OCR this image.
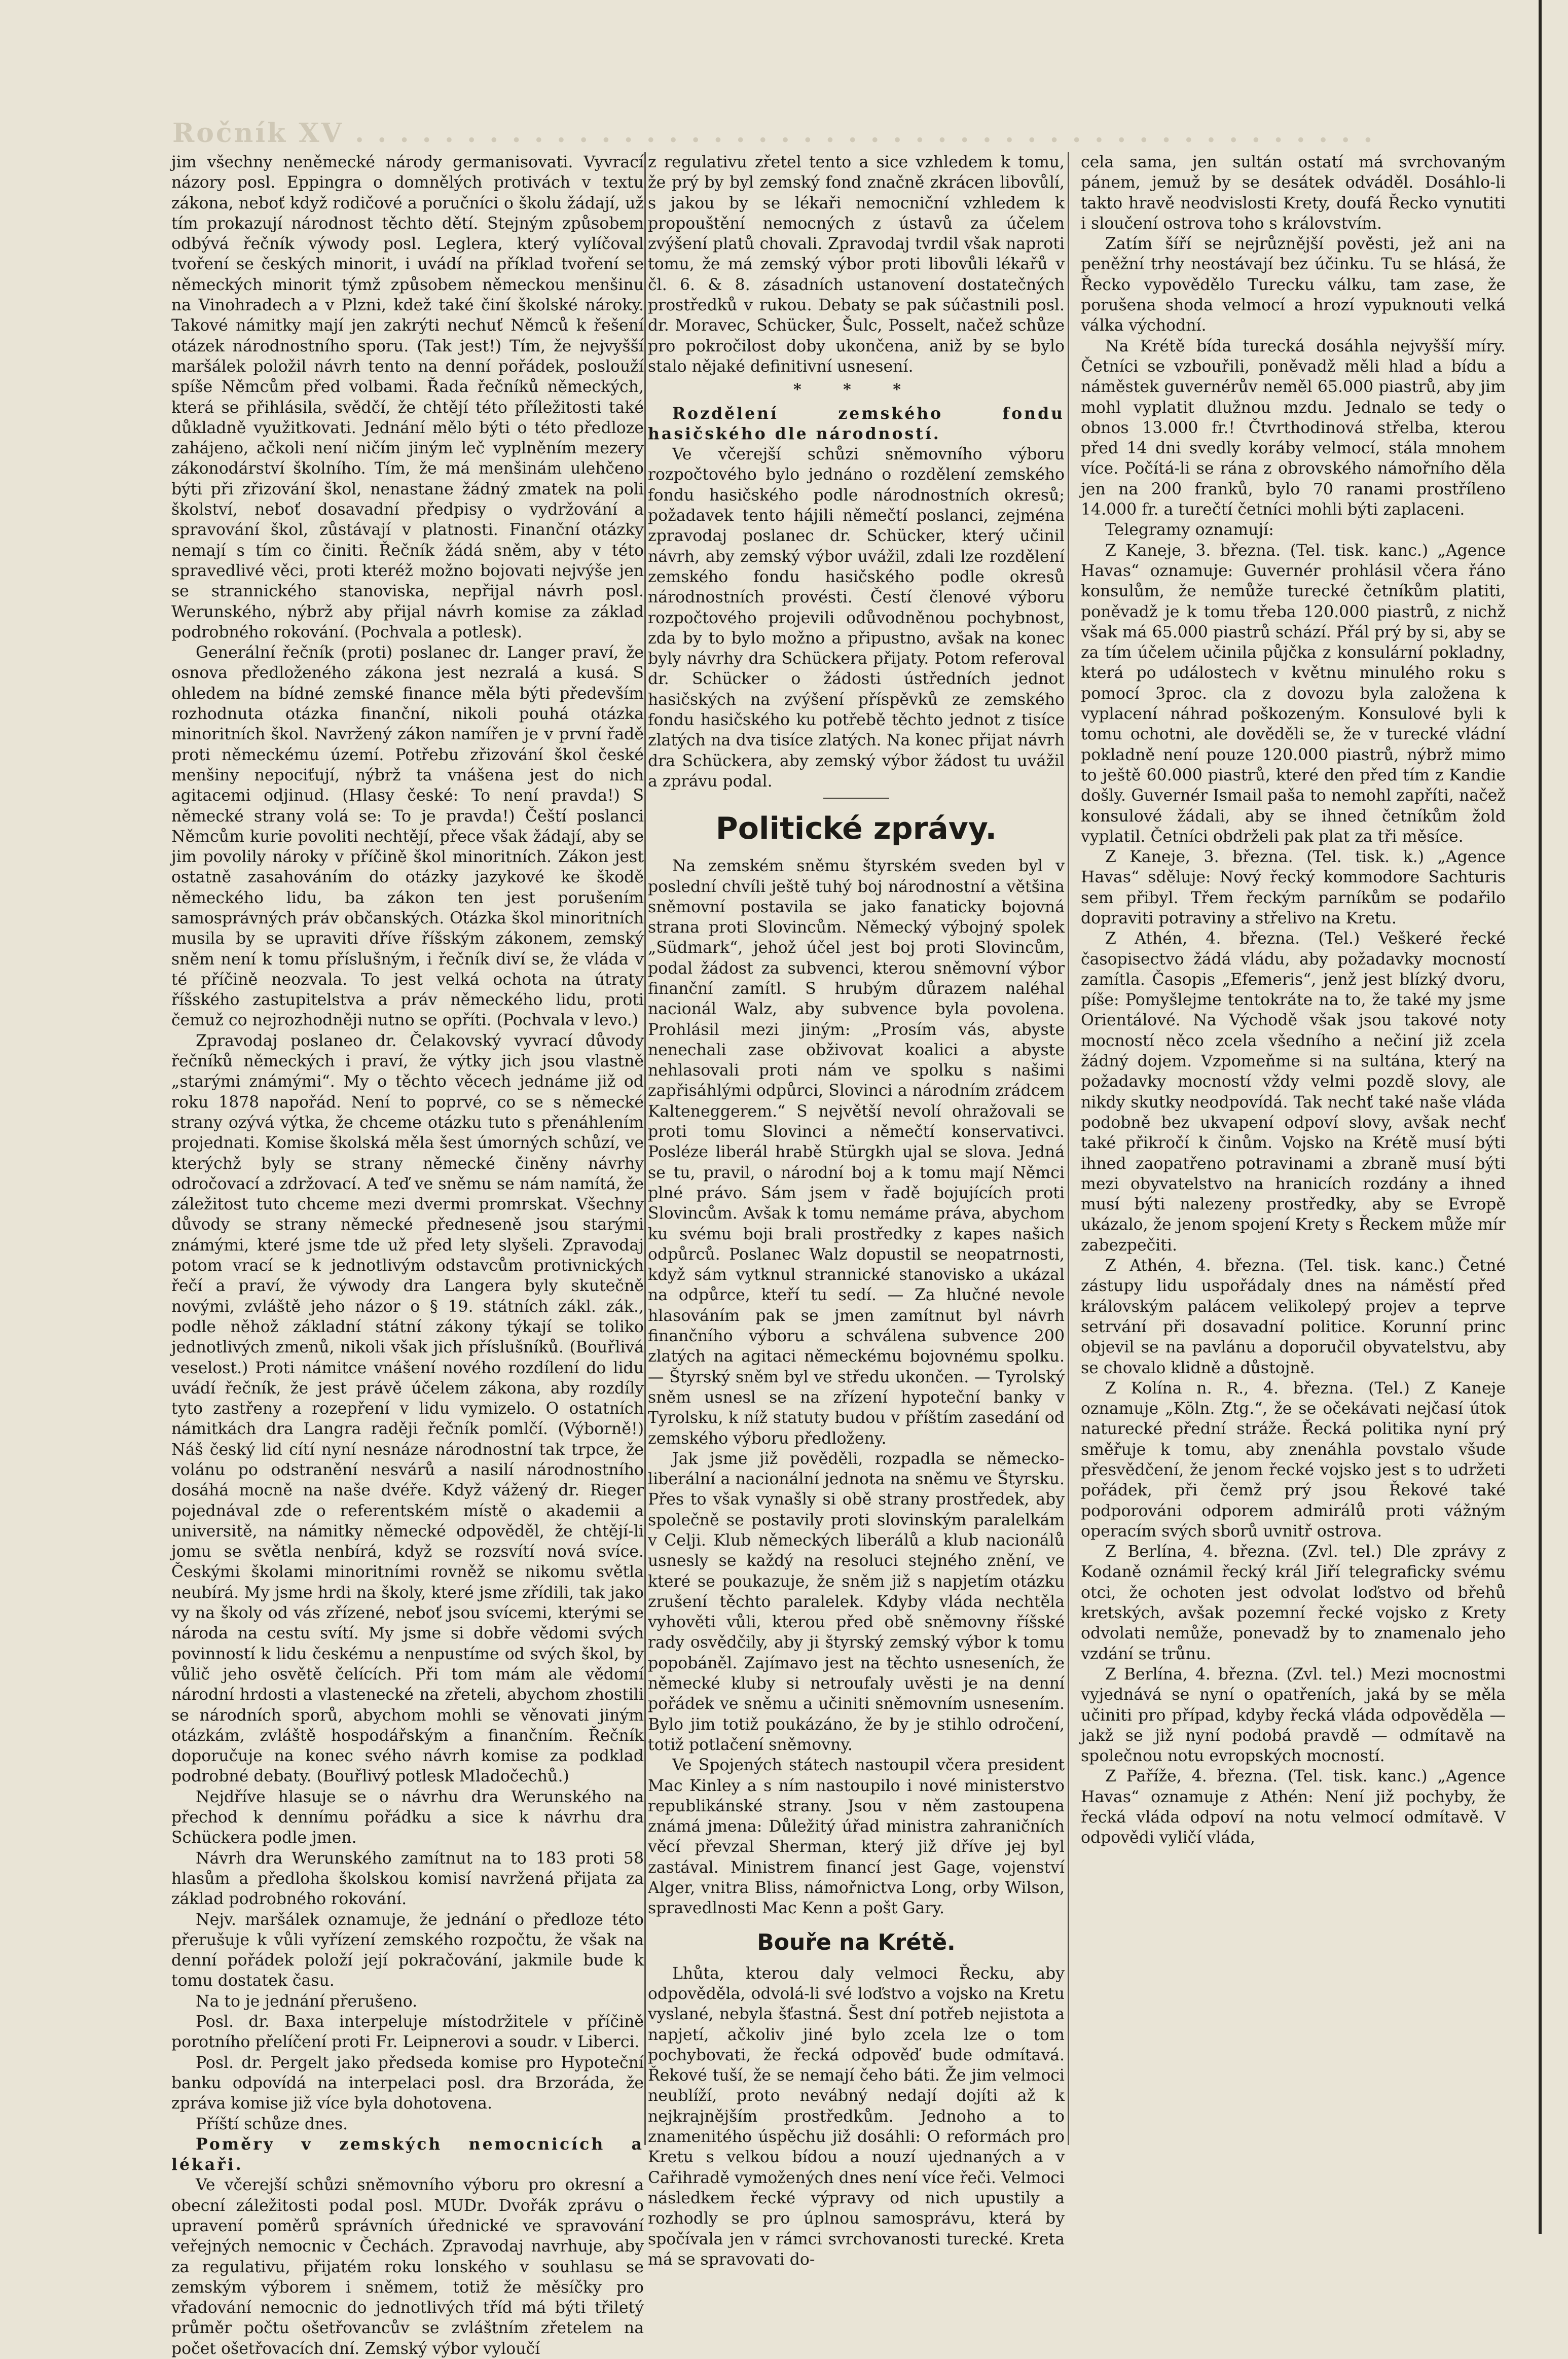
Ročník XV . . . . . . . . . . . . . . . . . . . . . . . . . . . . . . . . . . . . . . . . . . . . . .

jim všechny neněmecké národy germanisovati. Vyvrací názory posl. Eppingra o domnělých protivách v textu zákona, neboť když rodičové a poručníci o školu žádají, už tím prokazují národnost těchto dětí. Stejným způsobem odbývá řečník výwody posl. Leglera, který vylíčoval tvoření se českých minorit, i uvádí na příklad tvoření se německých minorit týmž způsobem německou menšinu na Vinohradech a v Plzni, kdež také činí školské nároky. Takové námitky mají jen zakrýti nechuť Němců k řešení otázek národnostního sporu. (Tak jest!) Tím, že nejvyšší maršálek položil návrh tento na denní pořádek, poslouží spíše Němcům před volbami. Řada řečníků německých, která se přihlásila, svědčí, že chtějí této příležitosti také důkladně využitkovati. Jednání mělo býti o této předloze zahájeno, ačkoli není ničím jiným leč vyplněním mezery zákonodárství školního. Tím, že má menšinám ulehčeno býti při zřizování škol, nenastane žádný zmatek na poli školství, neboť dosavadní předpisy o vydržování a spravování škol, zůstávají v platnosti. Finanční otázky nemají s tím co činiti. Řečník žádá sněm, aby v této spravedlivé věci, proti kteréž možno bojovati nejvýše jen se strannického stanoviska, nepřijal návrh posl. Werunského, nýbrž aby přijal návrh komise za základ podrobného rokování. (Pochvala a potlesk).

Generální řečník (proti) poslanec dr. Langer praví, že osnova předloženého zákona jest nezralá a kusá. S ohledem na bídné zemské finance měla býti především rozhodnuta otázka finanční, nikoli pouhá otázka minoritních škol. Navržený zákon namířen je v první řadě proti německému území. Potřebu zřizování škol české menšiny nepociťují, nýbrž ta vnášena jest do nich agitacemi odjinud. (Hlasy české: To není pravda!) S německé strany volá se: To je pravda!) Čeští poslanci Němcům kurie povoliti nechtějí, přece však žádají, aby se jim povolily nároky v příčině škol minoritních. Zákon jest ostatně zasahováním do otázky jazykové ke škodě německého lidu, ba zákon ten jest porušením samosprávných práv občanských. Otázka škol minoritních musila by se upraviti dříve říšským zákonem, zemský sněm není k tomu příslušným, i řečník diví se, že vláda v té příčině neozvala. To jest velká ochota na útraty říšského zastupitelstva a práv německého lidu, proti čemuž co nejrozhodněji nutno se opříti. (Pochvala v levo.)

Zpravodaj poslaneo dr. Čelakovský vyvrací důvody řečníků německých i praví, že výtky jich jsou vlastně „starými známými“. My o těchto věcech jednáme již od roku 1878 napořád. Není to poprvé, co se s německé strany ozývá výtka, že chceme otázku tuto s přenáhlením projednati. Komise školská měla šest úmorných schůzí, ve kterýchž byly se strany německé činěny návrhy odročovací a zdržovací. A teď ve sněmu se nám namítá, že záležitost tuto chceme mezi dvermi promrskat. Všechny důvody se strany německé předneseně jsou starými známými, které jsme tde už před lety slyšeli. Zpravodaj potom vrací se k jednotlivým odstavcům protivnických řečí a praví, že výwody dra Langera byly skutečně novými, zvláště jeho názor o § 19. státních zákl. zák., podle něhož základní státní zákony týkají se toliko jednotlivých zmenů, nikoli však jich příslušníků. (Bouřlivá veselost.) Proti námitce vnášení nového rozdílení do lidu uvádí řečník, že jest právě účelem zákona, aby rozdíly tyto zastřeny a rozepření v lidu vymizelo. O ostatních námitkách dra Langra raději řečník pomlčí. (Výborně!) Náš český lid cítí nyní nesnáze národnostní tak trpce, že volánu po odstranění nesvárů a nasilí národnostního dosáhá mocně na naše dvéře. Když vážený dr. Rieger pojednával zde o referentském místě o akademii a universitě, na námitky německé odpověděl, že chtějí-li jomu se světla nenbírá, když se rozsvítí nová svíce. Českými školami minoritními rovněž se nikomu světla neubírá. My jsme hrdi na školy, které jsme zřídili, tak jako vy na školy od vás zřízené, neboť jsou svícemi, kterými se národa na cestu svítí. My jsme si dobře vědomi svých povinností k lidu českému a nenpustíme od svých škol, by vůlič jeho osvětě čelících. Při tom mám ale vědomí národní hrdosti a vlastenecké na zřeteli, abychom zhostili se národních sporů, abychom mohli se věnovati jiným otázkám, zvláště hospodářským a finančním. Řečník doporučuje na konec svého návrh komise za podklad podrobné debaty. (Bouřlivý potlesk Mladočechů.)

Nejdříve hlasuje se o návrhu dra Werunského na přechod k dennímu pořádku a sice k návrhu dra Schückera podle jmen.

Návrh dra Werunského zamítnut na to 183 proti 58 hlasům a předloha školskou komisí navržená přijata za základ podrobného rokování.

Nejv. maršálek oznamuje, že jednání o předloze této přerušuje k vůli vyřízení zemského rozpočtu, že však na denní pořádek položí její pokračování, jakmile bude k tomu dostatek času.

Na to je jednání přerušeno.

Posl. dr. Baxa interpeluje místodržitele v příčině porotního přelíčení proti Fr. Leipnerovi a soudr. v Liberci.

Posl. dr. Pergelt jako předseda komise pro Hypoteční banku odpovídá na interpelaci posl. dra Brzoráda, že zpráva komise již více byla dohotovena.

Příští schůze dnes.

Poměry v zemských nemocnicích a lékaři.

Ve včerejší schůzi sněmovního výboru pro okresní a obecní záležitosti podal posl. MUDr. Dvořák zprávu o upravení poměrů správních úřednické ve spravování veřejných nemocnic v Čechách. Zpravodaj navrhuje, aby za regulativu, přijatém roku lonského v souhlasu se zemským výborem i sněmem, totiž že měsíčky pro vřadování nemocnic do jednotlivých tříd má býti třiletý průměr počtu ošetřovancův se zvláštním zřetelem na počet ošetřovacích dní. Zemský výbor vyloučí

z regulativu zřetel tento a sice vzhledem k tomu, že prý by byl zemský fond značně zkrácen libovůlí, s jakou by se lékaři nemocniční vzhledem k propouštění nemocných z ústavů za účelem zvýšení platů chovali. Zpravodaj tvrdil však naproti tomu, že má zemský výbor proti libovůli lékařů v čl. 6. & 8. zásadních ustanovení dostatečných prostředků v rukou. Debaty se pak súčastnili posl. dr. Moravec, Schücker, Šulc, Posselt, načež schůze pro pokročilost doby ukončena, aniž by se bylo stalo nějaké definitivní usnesení.

* * *

Rozdělení zemského fondu hasičského dle národností.

Ve včerejší schůzi sněmovního výboru rozpočtového bylo jednáno o rozdělení zemského fondu hasičského podle národnostních okresů; požadavek tento hájili němečtí poslanci, zejména zpravodaj poslanec dr. Schücker, který učinil návrh, aby zemský výbor uvážil, zdali lze rozdělení zemského fondu hasičského podle okresů národnostních provésti. Čestí členové výboru rozpočtového projevili odůvodněnou pochybnost, zda by to bylo možno a připustno, avšak na konec byly návrhy dra Schückera přijaty. Potom referoval dr. Schücker o žádosti ústředních jednot hasičských na zvýšení příspěvků ze zemského fondu hasičského ku potřebě těchto jednot z tisíce zlatých na dva tisíce zlatých. Na konec přijat návrh dra Schückera, aby zemský výbor žádost tu uvážil a zprávu podal.

Politické zprávy.

Na zemském sněmu štyrském sveden byl v poslední chvíli ještě tuhý boj národnostní a většina sněmovní postavila se jako fanaticky bojovná strana proti Slovincům. Německý výbojný spolek „Südmark“, jehož účel jest boj proti Slovincům, podal žádost za subvenci, kterou sněmovní výbor finanční zamítl. S hrubým důrazem naléhal nacionál Walz, aby subvence byla povolena. Prohlásil mezi jiným: „Prosím vás, abyste nenechali zase obživovat koalici a abyste nehlasovali proti nám ve spolku s našimi zapřisáhlými odpůrci, Slovinci a národním zrádcem Kalteneggerem.“ S největší nevolí ohražovali se proti tomu Slovinci a němečtí konservativci. Posléze liberál hrabě Stürgkh ujal se slova. Jedná se tu, pravil, o národní boj a k tomu mají Němci plné právo. Sám jsem v řadě bojujících proti Slovincům. Avšak k tomu nemáme práva, abychom ku svému boji brali prostředky z kapes našich odpůrců. Poslanec Walz dopustil se neopatrnosti, když sám vytknul strannické stanovisko a ukázal na odpůrce, kteří tu sedí. — Za hlučné nevole hlasováním pak se jmen zamítnut byl návrh finančního výboru a schválena subvence 200 zlatých na agitaci německému bojovnému spolku. — Štyrský sněm byl ve středu ukončen. — Tyrolský sněm usnesl se na zřízení hypoteční banky v Tyrolsku, k níž statuty budou v příštím zasedání od zemského výboru předloženy.

Jak jsme již pověděli, rozpadla se německo-liberální a nacionální jednota na sněmu ve Štyrsku. Přes to však vynašly si obě strany prostředek, aby společně se postavily proti slovinským paralelkám v Celji. Klub německých liberálů a klub nacionálů usnesly se každý na resoluci stejného znění, ve které se poukazuje, že sněm již s napjetím otázku zrušení těchto paralelek. Kdyby vláda nechtěla vyhověti vůli, kterou před obě sněmovny říšské rady osvědčily, aby ji štyrský zemský výbor k tomu popobáněl. Zajímavo jest na těchto usneseních, že německé kluby si netroufaly uvěsti je na denní pořádek ve sněmu a učiniti sněmovním usnesením. Bylo jim totiž poukázáno, že by je stihlo odročení, totiž potlačení sněmovny.

Ve Spojených státech nastoupil včera president Mac Kinley a s ním nastoupilo i nové ministerstvo republikánské strany. Jsou v něm zastoupena známá jmena: Důležitý úřad ministra zahraničních věcí převzal Sherman, který již dříve jej byl zastával. Ministrem financí jest Gage, vojenství Alger, vnitra Bliss, námořnictva Long, orby Wilson, spravedlnosti Mac Kenn a pošt Gary.

Bouře na Krétě.

Lhůta, kterou daly velmoci Řecku, aby odpověděla, odvolá-li své loďstvo a vojsko na Kretu vyslané, nebyla šťastná. Šest dní potřeb nejistota a napjetí, ačkoliv jiné bylo zcela lze o tom pochybovati, že řecká odpověď bude odmítavá. Řekové tuší, že se nemají čeho báti. Že jim velmoci neublíží, proto nevábný nedají dojíti až k nejkrajnějším prostředkům. Jednoho a to znamenitého úspěchu již dosáhli: O reformách pro Kretu s velkou bídou a nouzí ujednaných a v Cařihradě vymožených dnes není více řeči. Velmoci následkem řecké výpravy od nich upustily a rozhodly se pro úplnou samosprávu, která by spočívala jen v rámci svrchovanosti turecké. Kreta má se spravovati do-

cela sama, jen sultán ostatí má svrchovaným pánem, jemuž by se desátek odváděl. Dosáhlo-li takto hravě neodvislosti Krety, doufá Řecko vynutiti i sloučení ostrova toho s královstvím.

Zatím šíří se nejrůznější pověsti, jež ani na peněžní trhy neostávají bez účinku. Tu se hlásá, že Řecko vypovědělo Turecku válku, tam zase, že porušena shoda velmocí a hrozí vypuknouti velká válka východní.

Na Krétě bída turecká dosáhla nejvyšší míry. Četníci se vzbouřili, poněvadž měli hlad a bídu a náměstek guvernérův neměl 65.000 piastrů, aby jim mohl vyplatit dlužnou mzdu. Jednalo se tedy o obnos 13.000 fr.! Čtvrthodinová střelba, kterou před 14 dni svedly koráby velmocí, stála mnohem více. Počítá-li se rána z obrovského námořního děla jen na 200 franků, bylo 70 ranami prostřílenо 14.000 fr. a turečtí četníci mohli býti zaplaceni.

Telegramy oznamují:

Z Kaneje, 3. března. (Tel. tisk. kanc.) „Agence Havas“ oznamuje: Guvernér prohlásil včera řáno konsulům, že nemůže turecké četníkům platiti, poněvadž je k tomu třeba 120.000 piastrů, z nichž však má 65.000 piastrů schází. Přál prý by si, aby se za tím účelem učinila půjčka z konsulární pokladny, která po událostech v květnu minulého roku s pomocí 3proc. cla z dovozu byla založena k vyplacení náhrad poškozeným. Konsulové byli k tomu ochotni, ale dověděli se, že v turecké vládní pokladně není pouze 120.000 piastrů, nýbrž mimo to ještě 60.000 piastrů, které den před tím z Kandie došly. Guvernér Ismail paša to nemohl zapříti, načež konsulové žádali, aby se ihned četníkům žold vyplatil. Četníci obdrželi pak plat za tři měsíce.

Z Kaneje, 3. března. (Tel. tisk. k.) „Agence Havas“ sděluje: Nový řecký kommodore Sachturis sem přibyl. Třem řeckým parníkům se podařilo dopraviti potraviny a střelivo na Kretu.

Z Athén, 4. března. (Tel.) Veškeré řecké časopisectvo žádá vládu, aby požadavky mocností zamítla. Časopis „Efemeris“, jenž jest blízký dvoru, píše: Pomyšlejme tentokráte na to, že také my jsme Orientálové. Na Východě však jsou takové noty mocností něco zcela všedního a nečiní již zcela žádný dojem. Vzpomeňme si na sultána, který na požadavky mocností vždy velmi pozdě slovy, ale nikdy skutky neodpovídá. Tak nechť také naše vláda podobně bez ukvapení odpoví slovy, avšak nechť také přikročí k činům. Vojsko na Krétě musí býti ihned zaopatřeno potravinami a zbraně musí býti mezi obyvatelstvo na hranicích rozdány a ihned musí býti nalezeny prostředky, aby se Evropě ukázalo, že jenom spojení Krety s Řeckem může mír zabezpečiti.

Z Athén, 4. března. (Tel. tisk. kanc.) Četné zástupy lidu uspořádaly dnes na náměstí před královským palácem velikolepý projev a teprve setrvání při dosavadní politice. Korunní princ objevil se na pavlánu a doporučil obyvatelstvu, aby se chovalo klidně a důstojně.

Z Kolína n. R., 4. března. (Tel.) Z Kaneje oznamuje „Köln. Ztg.“, že se očekávati nejčasí útok naturecké přední stráže. Řecká politika nyní prý směřuje k tomu, aby znenáhla povstalo všude přesvědčení, že jenom řecké vojsko jest s to udržeti pořádek, při čemž prý jsou Řekové také podporováni odporem admirálů proti vážným operacím svých sborů uvnitř ostrova.

Z Berlína, 4. března. (Zvl. tel.) Dle zprávy z Kodaně oznámil řecký král Jiří telegraficky svému otci, že ochoten jest odvolat loďstvo od břehů kretských, avšak pozemní řecké vojsko z Krety odvolati nemůže, ponevadž by to znamenalo jeho vzdání se trůnu.

Z Berlína, 4. března. (Zvl. tel.) Mezi mocnostmi vyjednává se nyní o opatřeních, jaká by se měla učiniti pro případ, kdyby řecká vláda odpověděla — jakž se již nyní podobá pravdě — odmítavě na společnou notu evropských mocností.

Z Paříže, 4. března. (Tel. tisk. kanc.) „Agence Havas“ oznamuje z Athén: Není již pochyby, že řecká vláda odpoví na notu velmocí odmítavě. V odpovědi vyličí vláda,
